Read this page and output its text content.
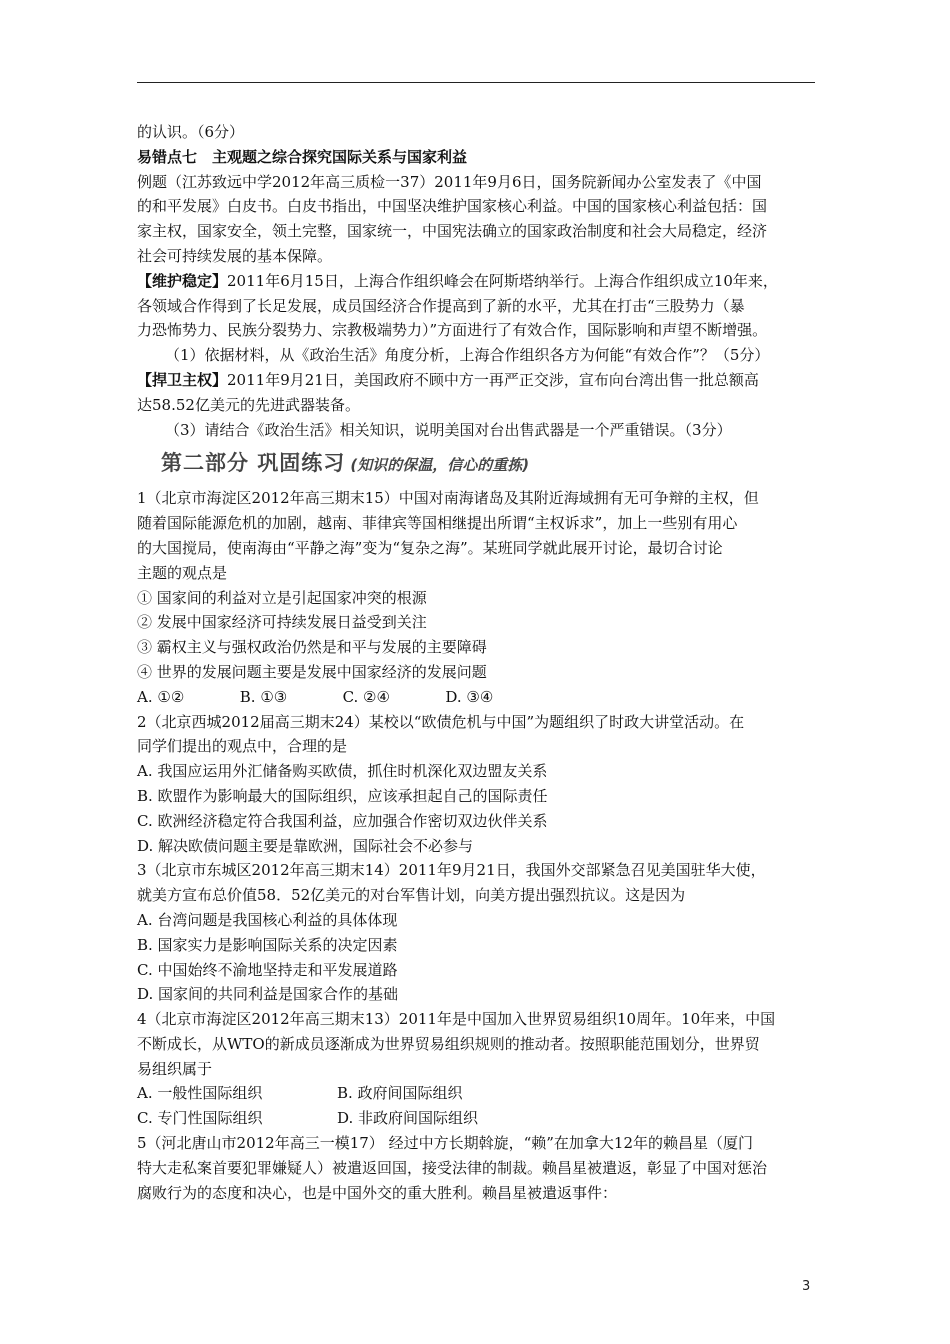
的认识。（6分）
易错点七　主观题之综合探究国际关系与国家利益
例题（江苏致远中学2012年高三质检一37）2011年9月6日，国务院新闻办公室发表了《中国
的和平发展》白皮书。白皮书指出，中国坚决维护国家核心利益。中国的国家核心利益包括：国
家主权，国家安全，领土完整，国家统一，中国宪法确立的国家政治制度和社会大局稳定，经济
社会可持续发展的基本保障。
【维护稳定】2011年6月15日，上海合作组织峰会在阿斯塔纳举行。上海合作组织成立10年来，
各领域合作得到了长足发展，成员国经济合作提高到了新的水平，尤其在打击“三股势力（暴
力恐怖势力、民族分裂势力、宗教极端势力）”方面进行了有效合作，国际影响和声望不断增强。
（1）依据材料，从《政治生活》角度分析，上海合作组织各方为何能“有效合作”？（5分）
【捍卫主权】2011年9月21日，美国政府不顾中方一再严正交涉，宣布向台湾出售一批总额高
达58.52亿美元的先进武器装备。
（3）请结合《政治生活》相关知识，说明美国对台出售武器是一个严重错误。（3分）
第二部分 巩固练习 (知识的保温，信心的重拣)
1（北京市海淀区2012年高三期末15）中国对南海诸岛及其附近海域拥有无可争辩的主权，但
随着国际能源危机的加剧，越南、菲律宾等国相继提出所谓“主权诉求”，加上一些别有用心
的大国搅局，使南海由“平静之海”变为“复杂之海”。某班同学就此展开讨论，最切合讨论
主题的观点是
① 国家间的利益对立是引起国家冲突的根源
② 发展中国家经济可持续发展日益受到关注
③ 霸权主义与强权政治仍然是和平与发展的主要障碍
④ 世界的发展问题主要是发展中国家经济的发展问题
A. ①②	B. ①③	C. ②④	D. ③④
2（北京西城2012届高三期末24）某校以“欧债危机与中国”为题组织了时政大讲堂活动。在
同学们提出的观点中，合理的是
A. 我国应运用外汇储备购买欧债，抓住时机深化双边盟友关系
B. 欧盟作为影响最大的国际组织，应该承担起自己的国际责任
C. 欧洲经济稳定符合我国利益，应加强合作密切双边伙伴关系
D. 解决欧债问题主要是靠欧洲，国际社会不必参与
3（北京市东城区2012年高三期末14）2011年9月21日，我国外交部紧急召见美国驻华大使，
就美方宣布总价值58．52亿美元的对台军售计划，向美方提出强烈抗议。这是因为
A. 台湾问题是我国核心利益的具体体现
B. 国家实力是影响国际关系的决定因素
C. 中国始终不渝地坚持走和平发展道路
D. 国家间的共同利益是国家合作的基础
4（北京市海淀区2012年高三期末13）2011年是中国加入世界贸易组织10周年。10年来，中国
不断成长，从WTO的新成员逐渐成为世界贸易组织规则的推动者。按照职能范围划分，世界贸
易组织属于
A. 一般性国际组织	B. 政府间国际组织
C. 专门性国际组织	D. 非政府间国际组织
5（河北唐山市2012年高三一模17） 经过中方长期斡旋，“赖”在加拿大12年的赖昌星（厦门
特大走私案首要犯罪嫌疑人）被遣返回国，接受法律的制裁。赖昌星被遣返，彰显了中国对惩治
腐败行为的态度和决心，也是中国外交的重大胜利。赖昌星被遣返事件：
3
